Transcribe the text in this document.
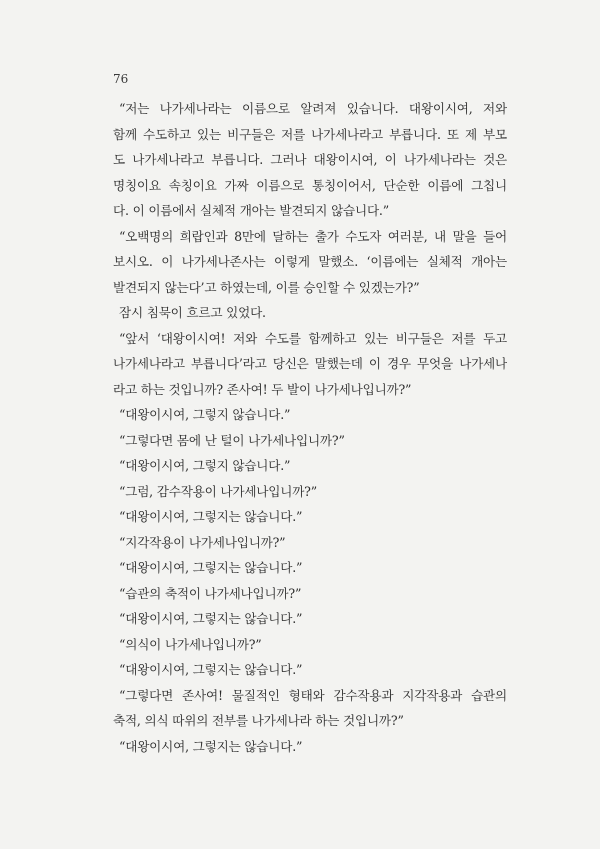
76
“저는 나가세나라는 이름으로 알려져 있습니다. 대왕이시여, 저와
함께 수도하고 있는 비구들은 저를 나가세나라고 부릅니다. 또 제 부모
도 나가세나라고 부릅니다. 그러나 대왕이시여, 이 나가세나라는 것은
명칭이요 속칭이요 가짜 이름으로 통칭이어서, 단순한 이름에 그칩니
다. 이 이름에서 실체적 개아는 발견되지 않습니다.”
“오백명의 희랍인과 8만에 달하는 출가 수도자 여러분, 내 말을 들어
보시오. 이 나가세나존사는 이렇게 말했소. ‘이름에는 실체적 개아는
발견되지 않는다’고 하였는데, 이를 승인할 수 있겠는가?”
잠시 침묵이 흐르고 있었다.
“앞서 ‘대왕이시여! 저와 수도를 함께하고 있는 비구들은 저를 두고
나가세나라고 부릅니다’라고 당신은 말했는데 이 경우 무엇을 나가세나
라고 하는 것입니까? 존사여! 두 발이 나가세나입니까?”
“대왕이시여, 그렇지 않습니다.”
“그렇다면 몸에 난 털이 나가세나입니까?”
“대왕이시여, 그렇지 않습니다.”
“그럼, 감수작용이 나가세나입니까?”
“대왕이시여, 그렇지는 않습니다.”
“지각작용이 나가세나입니까?”
“대왕이시여, 그렇지는 않습니다.”
“습관의 축적이 나가세나입니까?”
“대왕이시여, 그렇지는 않습니다.”
“의식이 나가세나입니까?”
“대왕이시여, 그렇지는 않습니다.”
“그렇다면 존사여! 물질적인 형태와 감수작용과 지각작용과 습관의
축적, 의식 따위의 전부를 나가세나라 하는 것입니까?”
“대왕이시여, 그렇지는 않습니다.”
